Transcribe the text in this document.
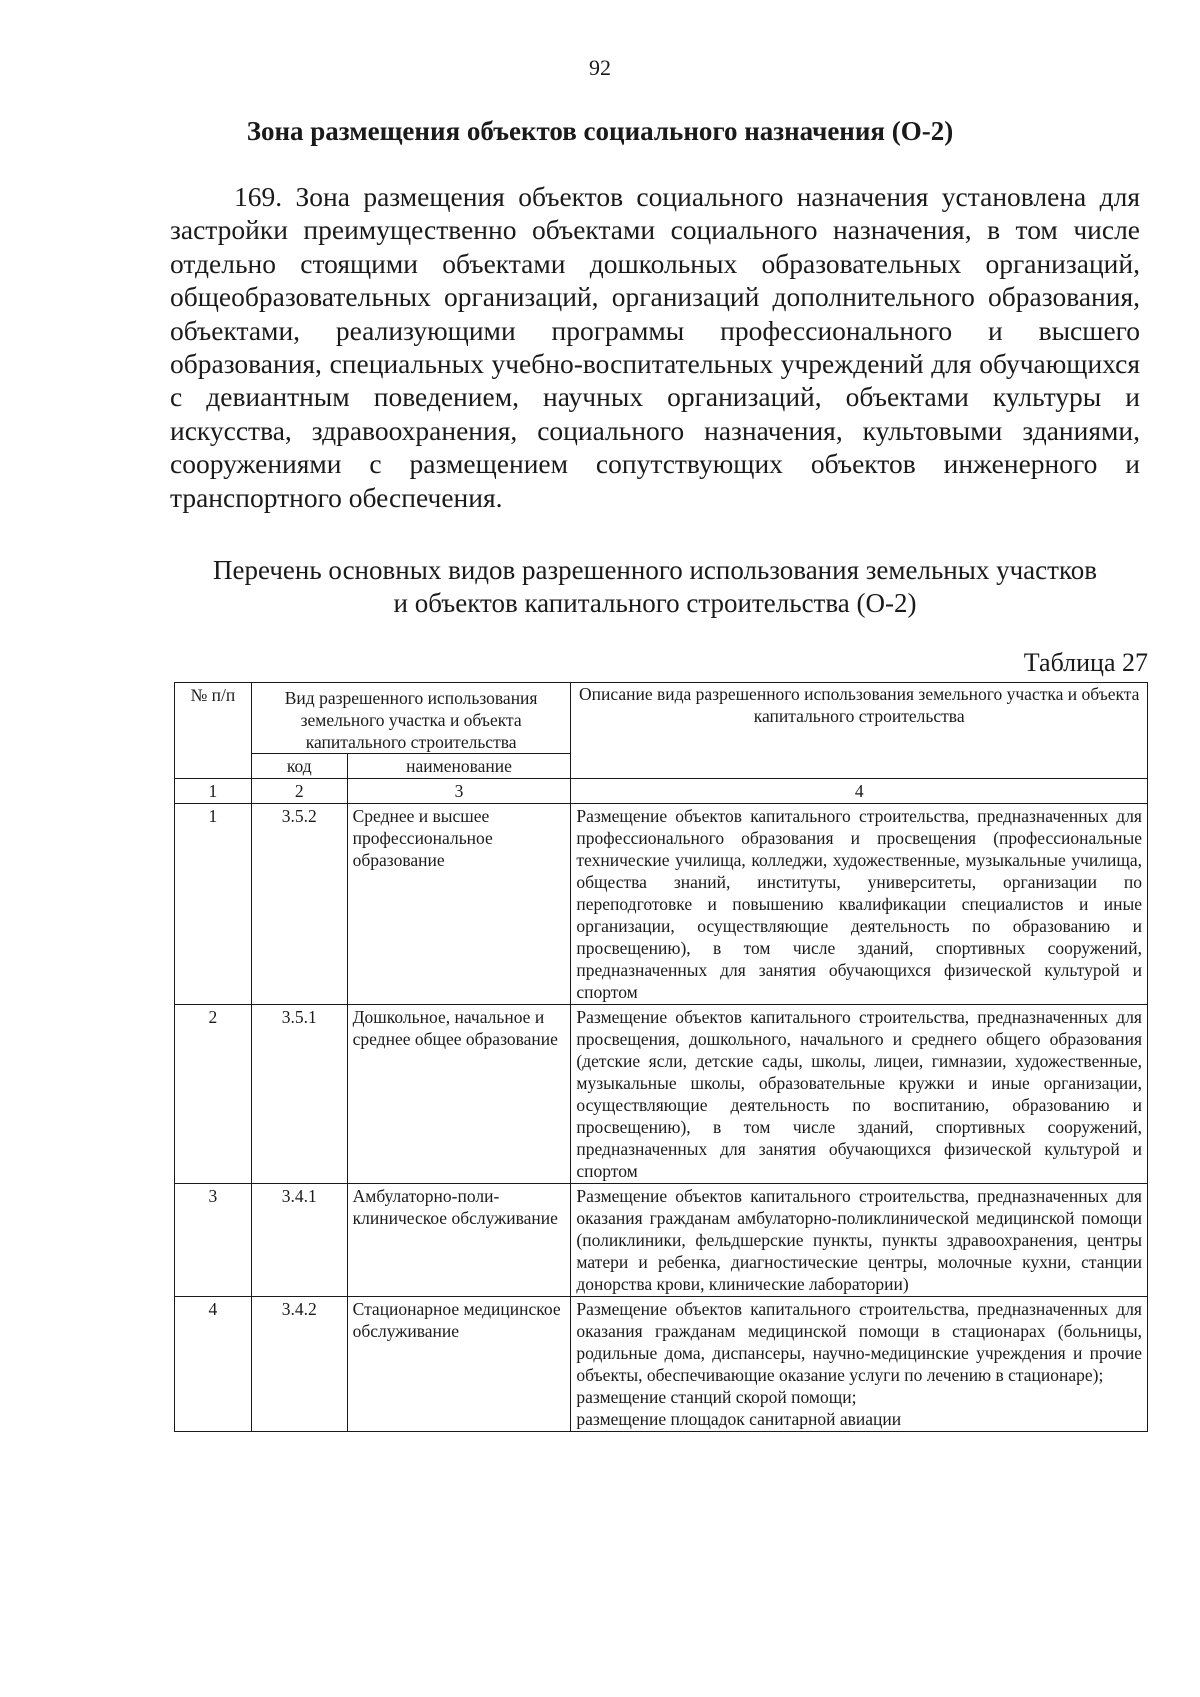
92
Зона размещения объектов социального назначения (О-2)

169. Зона размещения объектов социального назначения установлена для застройки преимущественно объектами социального назначения, в том числе отдельно стоящими объектами дошкольных образовательных организаций, общеобразовательных организаций, организаций дополнительного образования, объектами, реализующими программы профессионального и высшего образования, специальных учебно-воспитательных учреждений для обучающихся с девиантным поведением, научных организаций, объектами культуры и искусства, здравоохранения, социального назначения, культовыми зданиями, сооружениями с размещением сопутствующих объектов инженерного и транспортного обеспечения.

Перечень основных видов разрешенного использования земельных участков
и объектов капитального строительства (О-2)
Таблица 27
№ п/п	Вид разрешенного использования земельного участка и объекта капитального строительства		Описание вида разрешенного использования земельного участка и объекта капитального строительства
	код	наименование	
1	2	3	4
1	3.5.2	Среднее и высшее профессиональное образование	Размещение объектов капитального строительства, предназначенных для профессионального образования и просвещения (профессиональные технические училища, колледжи, художественные, музыкальные училища, общества знаний, институты, университеты, организации по переподготовке и повышению квалификации специалистов и иные организации, осуществляющие деятельность по образованию и просвещению), в том числе зданий, спортивных сооружений, предназначенных для занятия обучающихся физической культурой и спортом

2	3.5.1	Дошкольное, начальное и среднее общее образование	Размещение объектов капитального строительства, предназначенных для просвещения, дошкольного, начального и среднего общего образования (детские ясли, детские сады, школы, лицеи, гимназии, художественные, музыкальные школы, образовательные кружки и иные организации, осуществляющие деятельность по воспитанию, образованию и просвещению), в том числе зданий, спортивных сооружений, предназначенных для занятия обучающихся физической культурой и спортом

3	3.4.1	Амбулаторно-поли-клиническое обслуживание	Размещение объектов капитального строительства, предназначенных для оказания гражданам амбулаторно-поликлинической медицинской помощи (поликлиники, фельдшерские пункты, пункты здравоохранения, центры матери и ребенка, диагностические центры, молочные кухни, станции донорства крови, клинические лаборатории)

4	3.4.2	Стационарное медицинское обслуживание	Размещение объектов капитального строительства, предназначенных для оказания гражданам медицинской помощи в стационарах (больницы, родильные дома, диспансеры, научно-медицинские учреждения и прочие объекты, обеспечивающие оказание услуги по лечению в стационаре);
размещение станций скорой помощи;
размещение площадок санитарной авиации
